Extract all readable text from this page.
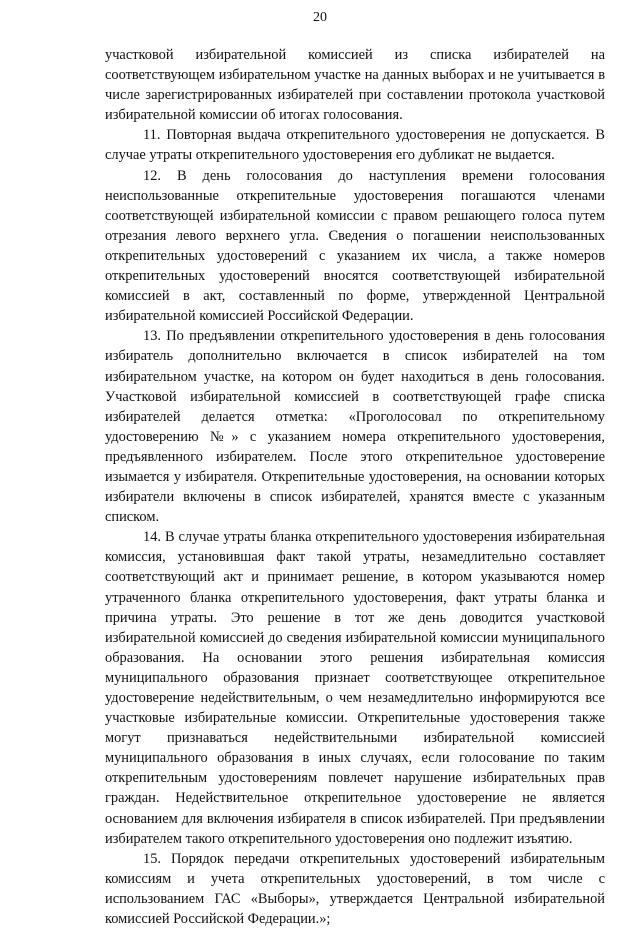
20

участковой избирательной комиссией из списка избирателей на соответствующем избирательном участке на данных выборах и не учитывается в числе зарегистрированных избирателей при составлении протокола участковой избирательной комиссии об итогах голосования.

11. Повторная выдача открепительного удостоверения не допускается. В случае утраты открепительного удостоверения его дубликат не выдается.

12. В день голосования до наступления времени голосования неиспользованные открепительные удостоверения погашаются членами соответствующей избирательной комиссии с правом решающего голоса путем отрезания левого верхнего угла. Сведения о погашении неиспользованных открепительных удостоверений с указанием их числа, а также номеров открепительных удостоверений вносятся соответствующей избирательной комиссией в акт, составленный по форме, утвержденной Центральной избирательной комиссией Российской Федерации.

13. По предъявлении открепительного удостоверения в день голосования избиратель дополнительно включается в список избирателей на том избирательном участке, на котором он будет находиться в день голосования. Участковой избирательной комиссией в соответствующей графе списка избирателей делается отметка: «Проголосовал по открепительному удостоверению №» с указанием номера открепительного удостоверения, предъявленного избирателем. После этого открепительное удостоверение изымается у избирателя. Открепительные удостоверения, на основании которых избиратели включены в список избирателей, хранятся вместе с указанным списком.

14. В случае утраты бланка открепительного удостоверения избирательная комиссия, установившая факт такой утраты, незамедлительно составляет соответствующий акт и принимает решение, в котором указываются номер утраченного бланка открепительного удостоверения, факт утраты бланка и причина утраты. Это решение в тот же день доводится участковой избирательной комиссией до сведения избирательной комиссии муниципального образования. На основании этого решения избирательная комиссия муниципального образования признает соответствующее открепительное удостоверение недействительным, о чем незамедлительно информируются все участковые избирательные комиссии. Открепительные удостоверения также могут признаваться недействительными избирательной комиссией муниципального образования в иных случаях, если голосование по таким открепительным удостоверениям повлечет нарушение избирательных прав граждан. Недействительное открепительное удостоверение не является основанием для включения избирателя в список избирателей. При предъявлении избирателем такого открепительного удостоверения оно подлежит изъятию.

15. Порядок передачи открепительных удостоверений избирательным комиссиям и учета открепительных удостоверений, в том числе с использованием ГАС «Выборы», утверждается Центральной избирательной комиссией Российской Федерации.»;
